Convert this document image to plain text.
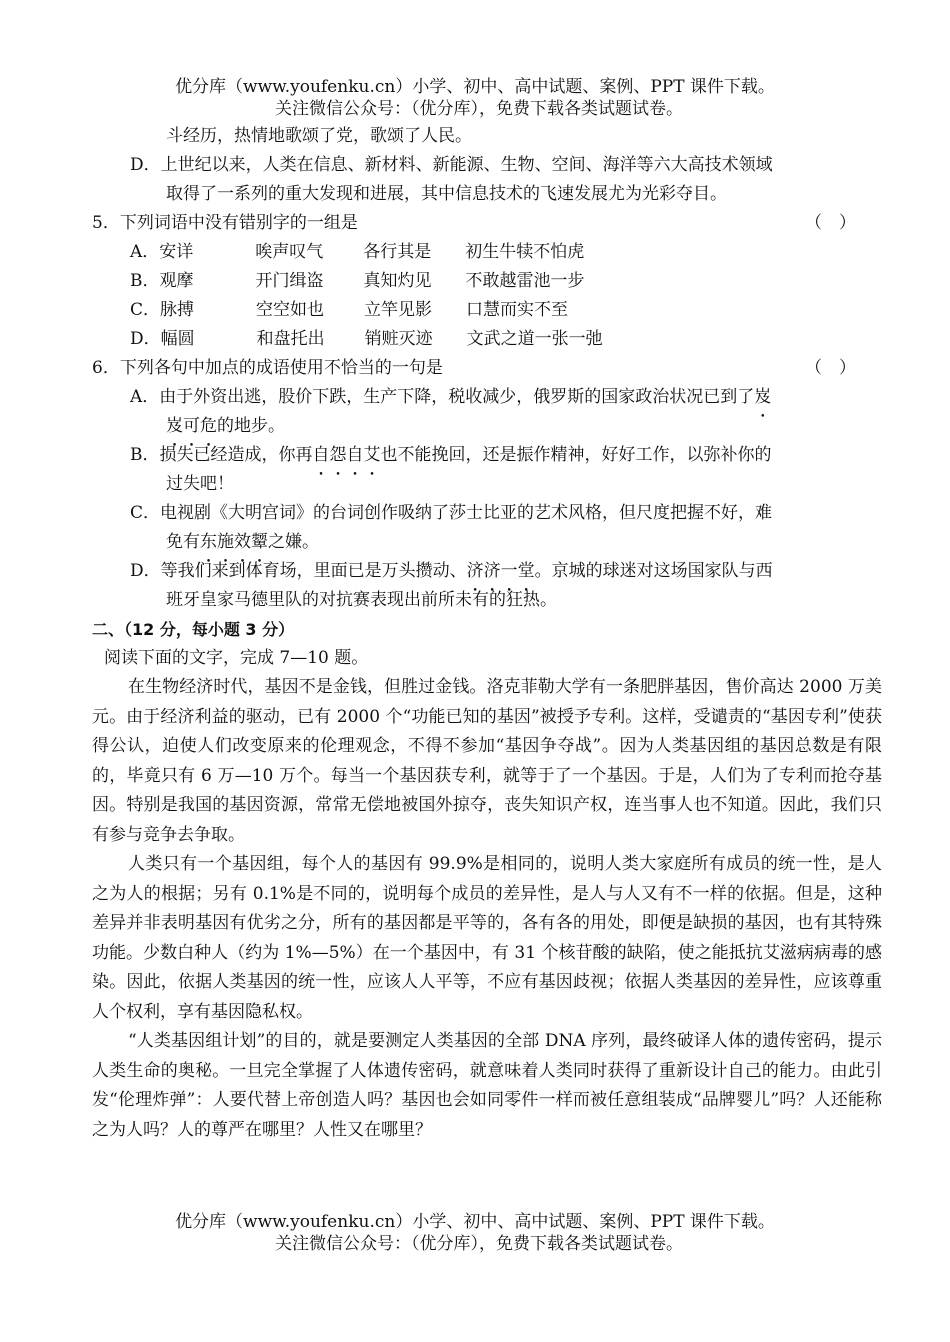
优分库（www.youfenku.cn）小学、初中、高中试题、案例、PPT 课件下载。
关注微信公众号：（优分库），免费下载各类试题试卷。
斗经历，热情地歌颂了党，歌颂了人民。
D．上世纪以来，人类在信息、新材料、新能源、生物、空间、海洋等六大高技术领域
取得了一系列的重大发现和进展，其中信息技术的飞速发展尤为光彩夺目。
5．下列词语中没有错别字的一组是	（　）
A．安详	唉声叹气 各行其是 初生牛犊不怕虎
B．观摩	开门缉盗 真知灼见 不敢越雷池一步
C．脉搏	空空如也 立竿见影 口慧而实不至
D．幅圆	和盘托出 销赃灭迹 文武之道一张一弛
6．下列各句中加点的成语使用不恰当的一句是	（　）
A．由于外资出逃，股价下跌，生产下降，税收减少，俄罗斯的国家政治状况已到了岌
岌可危的地步。
B．损失已经造成，你再自怨自艾也不能挽回，还是振作精神，好好工作，以弥补你的
过失吧！
C．电视剧《大明宫词》的台词创作吸纳了莎士比亚的艺术风格，但尺度把握不好，难
免有东施效颦之嫌。
D．等我们来到体育场，里面已是万头攒动、济济一堂。京城的球迷对这场国家队与西
班牙皇家马德里队的对抗赛表现出前所未有的狂热。
二、（12 分，每小题 3 分）
阅读下面的文字，完成 7—10 题。
在生物经济时代，基因不是金钱，但胜过金钱。洛克菲勒大学有一条肥胖基因，售价高达 2000 万美元。由于经济利益的驱动，已有 2000 个“功能已知的基因”被授予专利。这样，受谴责的“基因专利”使获得公认，迫使人们改变原来的伦理观念，不得不参加“基因争夺战”。因为人类基因组的基因总数是有限的，毕竟只有 6 万—10 万个。每当一个基因获专利，就等于了一个基因。于是，人们为了专利而抢夺基因。特别是我国的基因资源，常常无偿地被国外掠夺，丧失知识产权，连当事人也不知道。因此，我们只有参与竞争去争取。
人类只有一个基因组，每个人的基因有 99.9%是相同的，说明人类大家庭所有成员的统一性，是人之为人的根据；另有 0.1%是不同的，说明每个成员的差异性，是人与人又有不一样的依据。但是，这种差异并非表明基因有优劣之分，所有的基因都是平等的，各有各的用处，即便是缺损的基因，也有其特殊功能。少数白种人（约为 1%—5%）在一个基因中，有 31 个核苷酸的缺陷，使之能抵抗艾滋病病毒的感染。因此，依据人类基因的统一性，应该人人平等，不应有基因歧视；依据人类基因的差异性，应该尊重人个权利，享有基因隐私权。
“人类基因组计划”的目的，就是要测定人类基因的全部 DNA 序列，最终破译人体的遗传密码，提示人类生命的奥秘。一旦完全掌握了人体遗传密码，就意味着人类同时获得了重新设计自己的能力。由此引发“伦理炸弹”：人要代替上帝创造人吗？基因也会如同零件一样而被任意组装成“品牌婴儿”吗？人还能称之为人吗？人的尊严在哪里？人性又在哪里？
优分库（www.youfenku.cn）小学、初中、高中试题、案例、PPT 课件下载。
关注微信公众号：（优分库），免费下载各类试题试卷。
